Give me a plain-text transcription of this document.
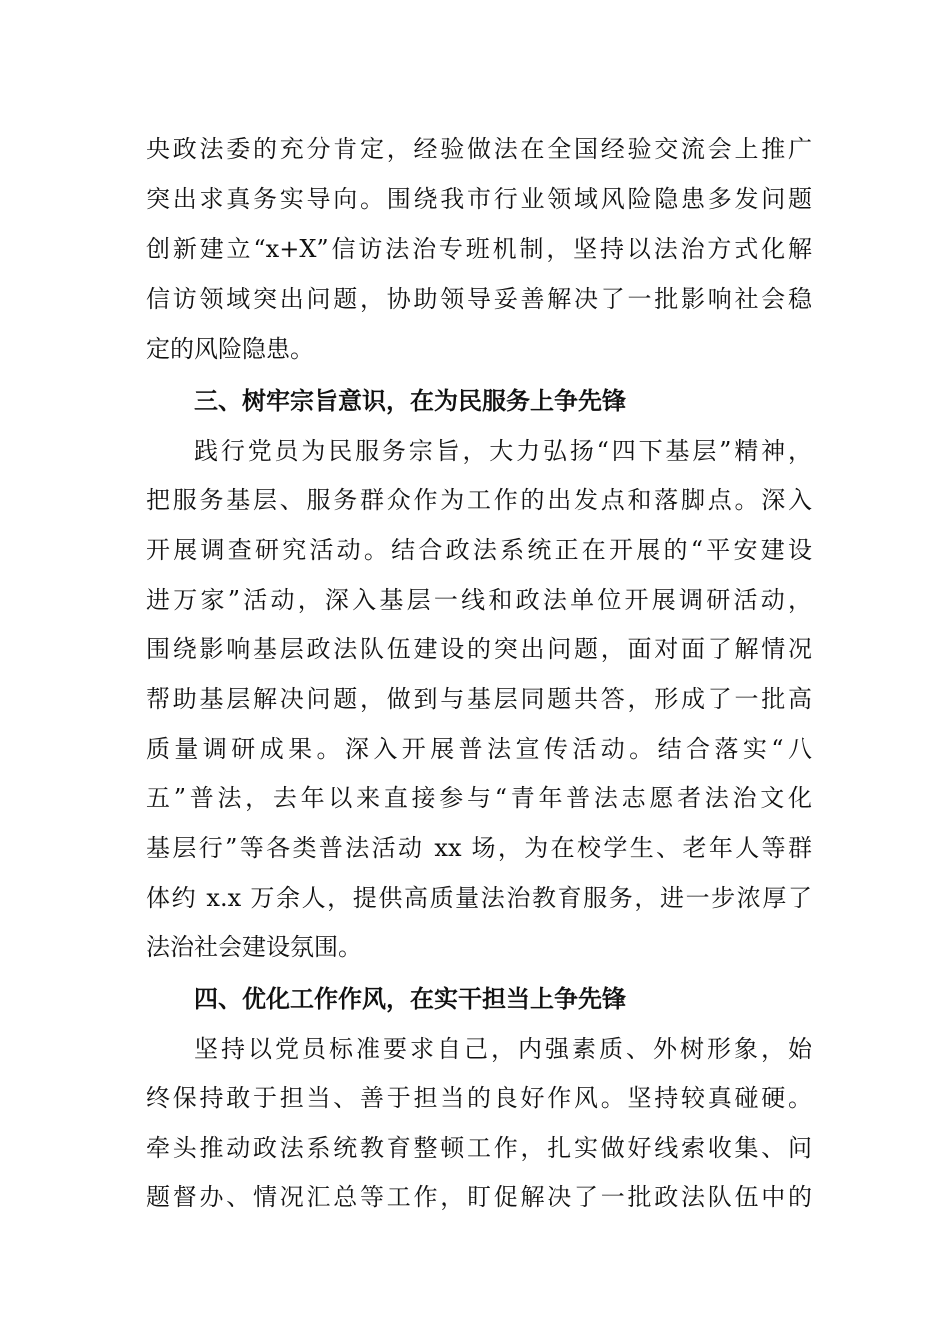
央政法委的充分肯定，经验做法在全国经验交流会上推广
突出求真务实导向。围绕我市行业领域风险隐患多发问题
创新建立“x+X”信访法治专班机制，坚持以法治方式化解
信访领域突出问题，协助领导妥善解决了一批影响社会稳
定的风险隐患。
三、树牢宗旨意识，在为民服务上争先锋
践行党员为民服务宗旨，大力弘扬“四下基层”精神，
把服务基层、服务群众作为工作的出发点和落脚点。深入
开展调查研究活动。结合政法系统正在开展的“平安建设
进万家”活动，深入基层一线和政法单位开展调研活动，
围绕影响基层政法队伍建设的突出问题，面对面了解情况
帮助基层解决问题，做到与基层同题共答，形成了一批高
质量调研成果。深入开展普法宣传活动。结合落实“八
五”普法，去年以来直接参与“青年普法志愿者法治文化
基层行”等各类普法活动 xx 场，为在校学生、老年人等群
体约 x.x 万余人，提供高质量法治教育服务，进一步浓厚了
法治社会建设氛围。
四、优化工作作风，在实干担当上争先锋
坚持以党员标准要求自己，内强素质、外树形象，始
终保持敢于担当、善于担当的良好作风。坚持较真碰硬。
牵头推动政法系统教育整顿工作，扎实做好线索收集、问
题督办、情况汇总等工作，盯促解决了一批政法队伍中的
